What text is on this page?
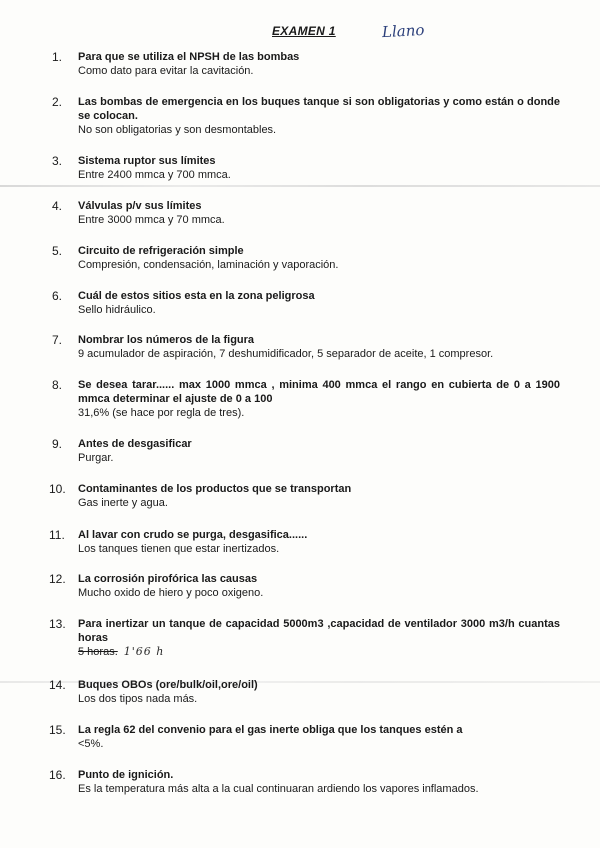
EXAMEN 1	Llano
1. Para que se utiliza el NPSH de las bombas
Como dato para evitar la cavitación.
2. Las bombas de emergencia en los buques tanque si son obligatorias y como están o donde se colocan.
No son obligatorias y son desmontables.
3. Sistema ruptor sus límites
Entre 2400 mmca y 700 mmca.
4. Válvulas p/v sus límites
Entre 3000 mmca y 70 mmca.
5. Circuito de refrigeración simple
Compresión, condensación, laminación y vaporación.
6. Cuál de estos sitios esta en la zona peligrosa
Sello hidráulico.
7. Nombrar los números de la figura
9 acumulador de aspiración, 7 deshumidificador, 5 separador de aceite, 1 compresor.
8. Se desea tarar...... max 1000 mmca , minima 400 mmca el rango en cubierta de 0 a 1900 mmca determinar el ajuste de 0 a 100
31,6% (se hace por regla de tres).
9. Antes de desgasificar
Purgar.
10. Contaminantes de los productos que se transportan
Gas inerte y agua.
11. Al lavar con crudo se purga, desgasifica......
Los tanques tienen que estar inertizados.
12. La corrosión pirofórica las causas
Mucho oxido de hiero y poco oxigeno.
13. Para inertizar un tanque de capacidad 5000m3 ,capacidad de ventilador 3000 m3/h cuantas horas
5 horas. 1'66 h
14. Buques OBOs (ore/bulk/oil,ore/oil)
Los dos tipos nada más.
15. La regla 62 del convenio para el gas inerte obliga que los tanques estén a
<5%.
16. Punto de ignición.
Es la temperatura más alta a la cual continuaran ardiendo los vapores inflamados.
